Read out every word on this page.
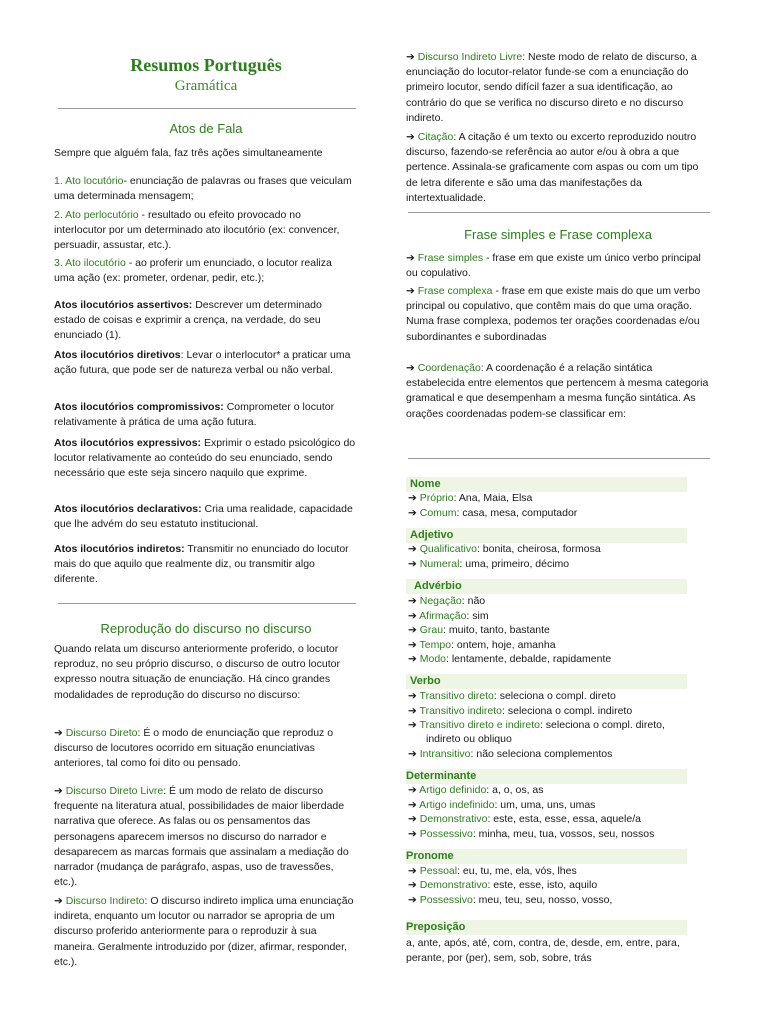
Resumos Português
Gramática
Atos de Fala

Sempre que alguém fala, faz três ações simultaneamente

1. Ato locutório- enunciação de palavras ou frases que veiculam uma determinada mensagem;

2. Ato perlocutório - resultado ou efeito provocado no interlocutor por um determinado ato ilocutório (ex: convencer, persuadir, assustar, etc.).

3. Ato ilocutório - ao proferir um enunciado, o locutor realiza uma ação (ex: prometer, ordenar, pedir, etc.);

Atos ilocutórios assertivos: Descrever um determinado estado de coisas e exprimir a crença, na verdade, do seu enunciado (1).

Atos ilocutórios diretivos: Levar o interlocutor* a praticar uma ação futura, que pode ser de natureza verbal ou não verbal.

Atos ilocutórios compromissivos: Comprometer o locutor relativamente à prática de uma ação futura.

Atos ilocutórios expressivos: Exprimir o estado psicológico do locutor relativamente ao conteúdo do seu enunciado, sendo necessário que este seja sincero naquilo que exprime.

Atos ilocutórios declarativos: Cria uma realidade, capacidade que lhe advém do seu estatuto institucional.

Atos ilocutórios indiretos: Transmitir no enunciado do locutor mais do que aquilo que realmente diz, ou transmitir algo diferente.

Reprodução do discurso no discurso

Quando relata um discurso anteriormente proferido, o locutor reproduz, no seu próprio discurso, o discurso de outro locutor expresso noutra situação de enunciação. Há cinco grandes modalidades de reprodução do discurso no discurso:

➔ Discurso Direto: É o modo de enunciação que reproduz o discurso de locutores ocorrido em situação enunciativas anteriores, tal como foi dito ou pensado.

➔ Discurso Direto Livre: É um modo de relato de discurso frequente na literatura atual, possibilidades de maior liberdade narrativa que oferece. As falas ou os pensamentos das personagens aparecem imersos no discurso do narrador e desaparecem as marcas formais que assinalam a mediação do narrador (mudança de parágrafo, aspas, uso de travessões, etc.).

➔ Discurso Indireto: O discurso indireto implica uma enunciação indireta, enquanto um locutor ou narrador se apropria de um discurso proferido anteriormente para o reproduzir à sua maneira. Geralmente introduzido por (dizer, afirmar, responder, etc.).

➔ Discurso Indireto Livre: Neste modo de relato de discurso, a enunciação do locutor-relator funde-se com a enunciação do primeiro locutor, sendo difícil fazer a sua identificação, ao contrário do que se verifica no discurso direto e no discurso indireto.

➔ Citação: A citação é um texto ou excerto reproduzido noutro discurso, fazendo-se referência ao autor e/ou à obra a que pertence. Assinala-se graficamente com aspas ou com um tipo de letra diferente e são uma das manifestações da intertextualidade.

Frase simples e Frase complexa

➔ Frase simples - frase em que existe um único verbo principal ou copulativo.

➔ Frase complexa - frase em que existe mais do que um verbo principal ou copulativo, que contêm mais do que uma oração. Numa frase complexa, podemos ter orações coordenadas e/ou subordinantes e subordinadas

➔ Coordenação: A coordenação é a relação sintática estabelecida entre elementos que pertencem à mesma categoria gramatical e que desempenham a mesma função sintática. As orações coordenadas podem-se classificar em:

Nome

➔ Próprio: Ana, Maia, Elsa

➔ Comum: casa, mesa, computador

Adjetivo

➔ Qualificativo: bonita, cheirosa, formosa

➔ Numeral: uma, primeiro, décimo

Advérbio

➔ Negação: não

➔ Afirmação: sim

➔ Grau: muito, tanto, bastante

➔ Tempo: ontem, hoje, amanha

➔ Modo: lentamente, debalde, rapidamente

Verbo

➔ Transitivo direto: seleciona o compl. direto

➔ Transitivo indireto: seleciona o compl. indireto

➔ Transitivo direto e indireto: seleciona o compl. direto,

indireto ou obliquo

➔ Intransitivo: não seleciona complementos

Determinante

➔ Artigo definido: a, o, os, as

➔ Artigo indefinido: um, uma, uns, umas

➔ Demonstrativo: este, esta, esse, essa, aquele/a

➔ Possessivo: minha, meu, tua, vossos, seu, nossos

Pronome

➔ Pessoal: eu, tu, me, ela, vós, lhes

➔ Demonstrativo: este, esse, isto, aquilo

➔ Possessivo: meu, teu, seu, nosso, vosso,

Preposição

a, ante, após, até, com, contra, de, desde, em, entre, para, perante, por (per), sem, sob, sobre, trás
